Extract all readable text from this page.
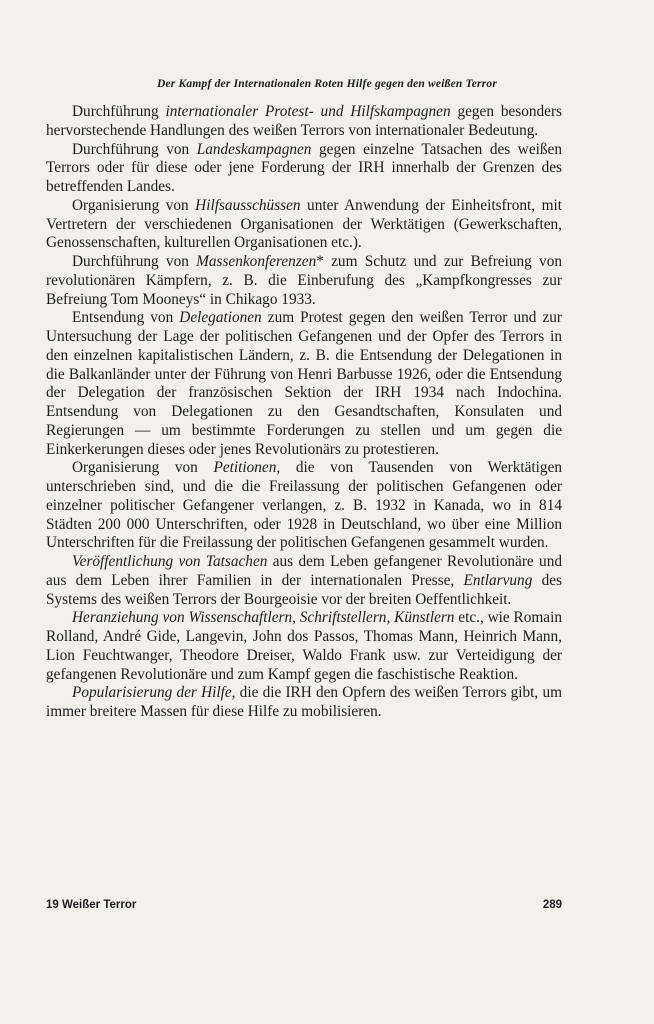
Der Kampf der Internationalen Roten Hilfe gegen den weißen Terror

Durchführung internationaler Protest- und Hilfskampagnen gegen besonders hervorstechende Handlungen des weißen Terrors von internationaler Bedeutung.

Durchführung von Landeskampagnen gegen einzelne Tatsachen des weißen Terrors oder für diese oder jene Forderung der IRH innerhalb der Grenzen des betreffenden Landes.

Organisierung von Hilfsausschüssen unter Anwendung der Einheitsfront, mit Vertretern der verschiedenen Organisationen der Werktätigen (Gewerkschaften, Genossenschaften, kulturellen Organisationen etc.).

Durchführung von Massenkonferenzen* zum Schutz und zur Befreiung von revolutionären Kämpfern, z. B. die Einberufung des „Kampfkongresses zur Befreiung Tom Mooneys“ in Chikago 1933.

Entsendung von Delegationen zum Protest gegen den weißen Terror und zur Untersuchung der Lage der politischen Gefangenen und der Opfer des Terrors in den einzelnen kapitalistischen Ländern, z. B. die Entsendung der Delegationen in die Balkanländer unter der Führung von Henri Barbusse 1926, oder die Entsendung der Delegation der französischen Sektion der IRH 1934 nach Indochina. Entsendung von Delegationen zu den Gesandtschaften, Konsulaten und Regierungen — um bestimmte Forderungen zu stellen und um gegen die Einkerkerungen dieses oder jenes Revolutionärs zu protestieren.

Organisierung von Petitionen, die von Tausenden von Werktätigen unterschrieben sind, und die die Freilassung der politischen Gefangenen oder einzelner politischer Gefangener verlangen, z. B. 1932 in Kanada, wo in 814 Städten 200 000 Unterschriften, oder 1928 in Deutschland, wo über eine Million Unterschriften für die Freilassung der politischen Gefangenen gesammelt wurden.

Veröffentlichung von Tatsachen aus dem Leben gefangener Revolutionäre und aus dem Leben ihrer Familien in der internationalen Presse, Entlarvung des Systems des weißen Terrors der Bourgeoisie vor der breiten Oeffentlichkeit.

Heranziehung von Wissenschaftlern, Schriftstellern, Künstlern etc., wie Romain Rolland, André Gide, Langevin, John dos Passos, Thomas Mann, Heinrich Mann, Lion Feuchtwanger, Theodore Dreiser, Waldo Frank usw. zur Verteidigung der gefangenen Revolutionäre und zum Kampf gegen die faschistische Reaktion.

Popularisierung der Hilfe, die die IRH den Opfern des weißen Terrors gibt, um immer breitere Massen für diese Hilfe zu mobilisieren.

19 Weißer Terror	289
